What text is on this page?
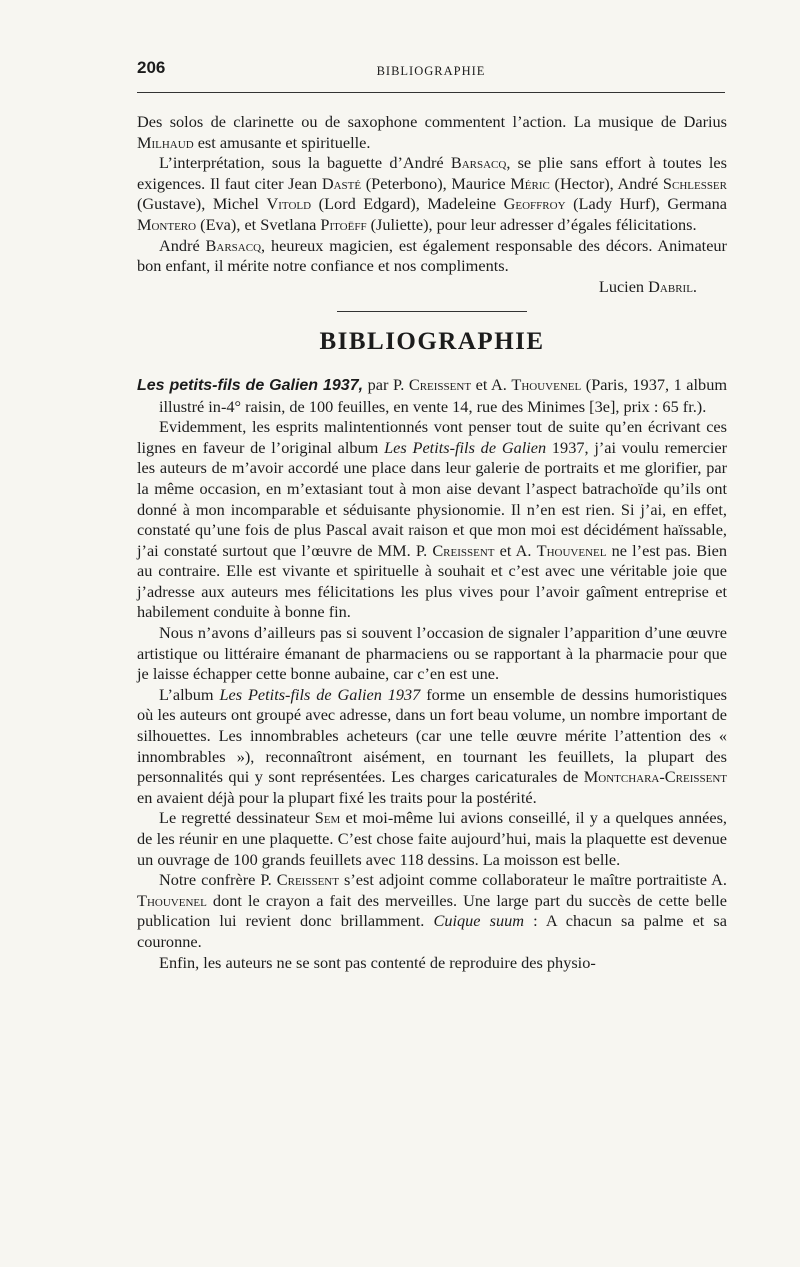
206	BIBLIOGRAPHIE

Des solos de clarinette ou de saxophone commentent l’action. La musique de Darius Milhaud est amusante et spirituelle.

L’interprétation, sous la baguette d’André Barsacq, se plie sans effort à toutes les exigences. Il faut citer Jean Dasté (Peterbono), Maurice Méric (Hector), André Schlesser (Gustave), Michel Vitold (Lord Edgard), Madeleine Geoffroy (Lady Hurf), Germana Montero (Eva), et Svetlana Pitoëff (Juliette), pour leur adresser d’égales félicitations.

André Barsacq, heureux magicien, est également responsable des décors. Animateur bon enfant, il mérite notre confiance et nos compliments.

Lucien Dabril.

BIBLIOGRAPHIE

Les petits-fils de Galien 1937, par P. Creissent et A. Thouvenel (Paris, 1937, 1 album illustré in-4° raisin, de 100 feuilles, en vente 14, rue des Minimes [3e], prix : 65 fr.).

Evidemment, les esprits malintentionnés vont penser tout de suite qu’en écrivant ces lignes en faveur de l’original album Les Petits-fils de Galien 1937, j’ai voulu remercier les auteurs de m’avoir accordé une place dans leur galerie de portraits et me glorifier, par la même occasion, en m’extasiant tout à mon aise devant l’aspect batrachoïde qu’ils ont donné à mon incomparable et séduisante physionomie. Il n’en est rien. Si j’ai, en effet, constaté qu’une fois de plus Pascal avait raison et que mon moi est décidément haïssable, j’ai constaté surtout que l’œuvre de MM. P. Creissent et A. Thouvenel ne l’est pas. Bien au contraire. Elle est vivante et spirituelle à souhait et c’est avec une véritable joie que j’adresse aux auteurs mes félicitations les plus vives pour l’avoir gaîment entreprise et habilement conduite à bonne fin.

Nous n’avons d’ailleurs pas si souvent l’occasion de signaler l’apparition d’une œuvre artistique ou littéraire émanant de pharmaciens ou se rapportant à la pharmacie pour que je laisse échapper cette bonne aubaine, car c’en est une.

L’album Les Petits-fils de Galien 1937 forme un ensemble de dessins humoristiques où les auteurs ont groupé avec adresse, dans un fort beau volume, un nombre important de silhouettes. Les innombrables acheteurs (car une telle œuvre mérite l’attention des « innombrables »), reconnaîtront aisément, en tournant les feuillets, la plupart des personnalités qui y sont représentées. Les charges caricaturales de Montchara-Creissent en avaient déjà pour la plupart fixé les traits pour la postérité.

Le regretté dessinateur Sem et moi-même lui avions conseillé, il y a quelques années, de les réunir en une plaquette. C’est chose faite aujourd’hui, mais la plaquette est devenue un ouvrage de 100 grands feuillets avec 118 dessins. La moisson est belle.

Notre confrère P. Creissent s’est adjoint comme collaborateur le maître portraitiste A. Thouvenel dont le crayon a fait des merveilles. Une large part du succès de cette belle publication lui revient donc brillamment. Cuique suum : A chacun sa palme et sa couronne.

Enfin, les auteurs ne se sont pas contenté de reproduire des physio-
